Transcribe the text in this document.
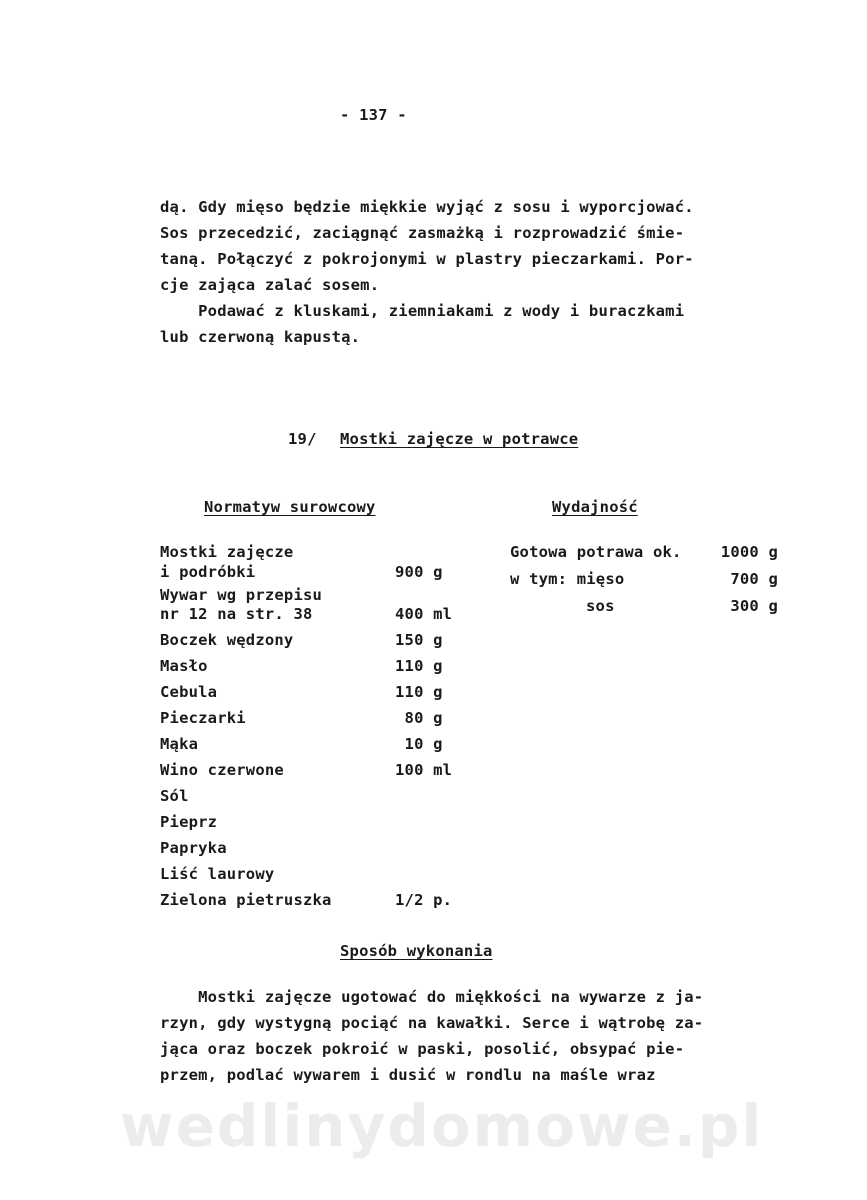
- 137 -
dą. Gdy mięso będzie miękkie wyjąć z sosu i wyporcjować.
Sos przecedzić, zaciągnąć zasmażką i rozprowadzić śmie-
taną. Połączyć z pokrojonymi w plastry pieczarkami. Por-
cje zająca zalać sosem.
Podawać z kluskami, ziemniakami z wody i buraczkami
lub czerwoną kapustą.
19/ Mostki zajęcze w potrawce
Normatyw surowcowy	Wydajność
Mostki zajęcze
i podróbki	900 g
Wywar wg przepisu
nr 12 na str. 38	400 ml
Boczek wędzony	150 g
Masło	110 g
Cebula	110 g
Pieczarki	80 g
Mąka	10 g
Wino czerwone	100 ml
Sól
Pieprz
Papryka
Liść laurowy
Zielona pietruszka	1/2 p.
Gotowa potrawa ok.	1000 g
w tym: mięso	700 g
sos	300 g
Sposób wykonania
Mostki zajęcze ugotować do miękkości na wywarze z ja-
rzyn, gdy wystygną pociąć na kawałki. Serce i wątrobę za-
jąca oraz boczek pokroić w paski, posolić, obsypać pie-
przem, podlać wywarem i dusić w rondlu na maśle wraz
wedlinydomowe.pl
